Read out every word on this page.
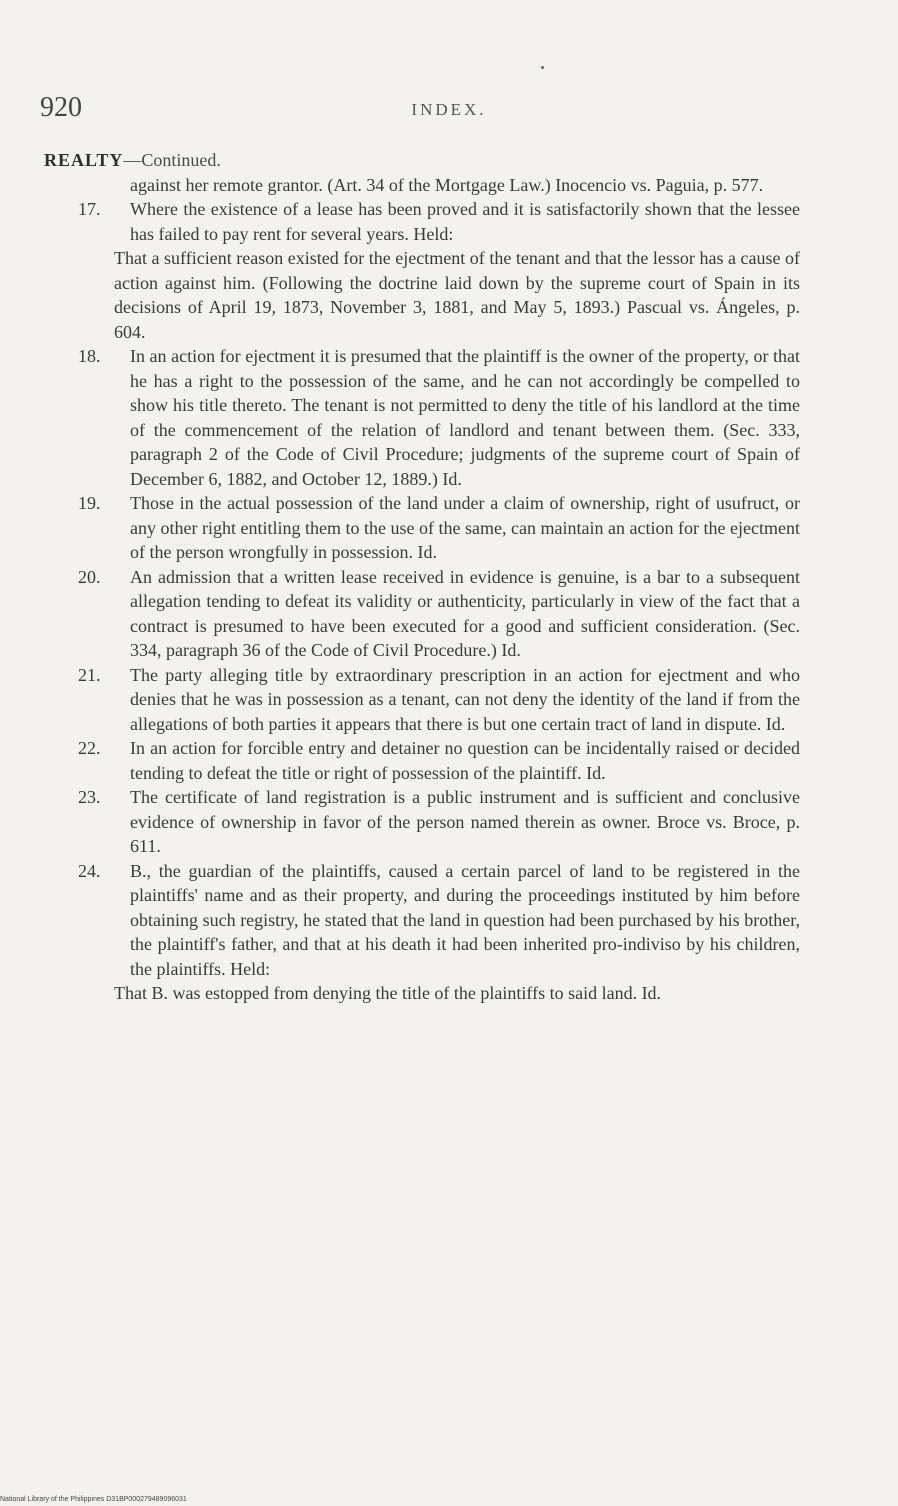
920	INDEX.

REALTY—Continued.

against her remote grantor. (Art. 34 of the Mortgage Law.) Inocencio vs. Paguia, p. 577.

17. Where the existence of a lease has been proved and it is satisfactorily shown that the lessee has failed to pay rent for several years. Held:

That a sufficient reason existed for the ejectment of the tenant and that the lessor has a cause of action against him. (Following the doctrine laid down by the supreme court of Spain in its decisions of April 19, 1873, November 3, 1881, and May 5, 1893.) Pascual vs. Ángeles, p. 604.

18. In an action for ejectment it is presumed that the plaintiff is the owner of the property, or that he has a right to the possession of the same, and he can not accordingly be compelled to show his title thereto. The tenant is not permitted to deny the title of his landlord at the time of the commencement of the relation of landlord and tenant between them. (Sec. 333, paragraph 2 of the Code of Civil Procedure; judgments of the supreme court of Spain of December 6, 1882, and October 12, 1889.) Id.
19. Those in the actual possession of the land under a claim of ownership, right of usufruct, or any other right entitling them to the use of the same, can maintain an action for the ejectment of the person wrongfully in possession. Id.
20. An admission that a written lease received in evidence is genuine, is a bar to a subsequent allegation tending to defeat its validity or authenticity, particularly in view of the fact that a contract is presumed to have been executed for a good and sufficient consideration. (Sec. 334, paragraph 36 of the Code of Civil Procedure.) Id.
21. The party alleging title by extraordinary prescription in an action for ejectment and who denies that he was in possession as a tenant, can not deny the identity of the land if from the allegations of both parties it appears that there is but one certain tract of land in dispute. Id.
22. In an action for forcible entry and detainer no question can be incidentally raised or decided tending to defeat the title or right of possession of the plaintiff. Id.
23. The certificate of land registration is a public instrument and is sufficient and conclusive evidence of ownership in favor of the person named therein as owner. Broce vs. Broce, p. 611.
24. B., the guardian of the plaintiffs, caused a certain parcel of land to be registered in the plaintiffs' name and as their property, and during the proceedings instituted by him before obtaining such registry, he stated that the land in question had been purchased by his brother, the plaintiff's father, and that at his death it had been inherited pro-indiviso by his children, the plaintiffs. Held:

That B. was estopped from denying the title of the plaintiffs to said land. Id.

National Library of the Philippines D31BP000279489096031
